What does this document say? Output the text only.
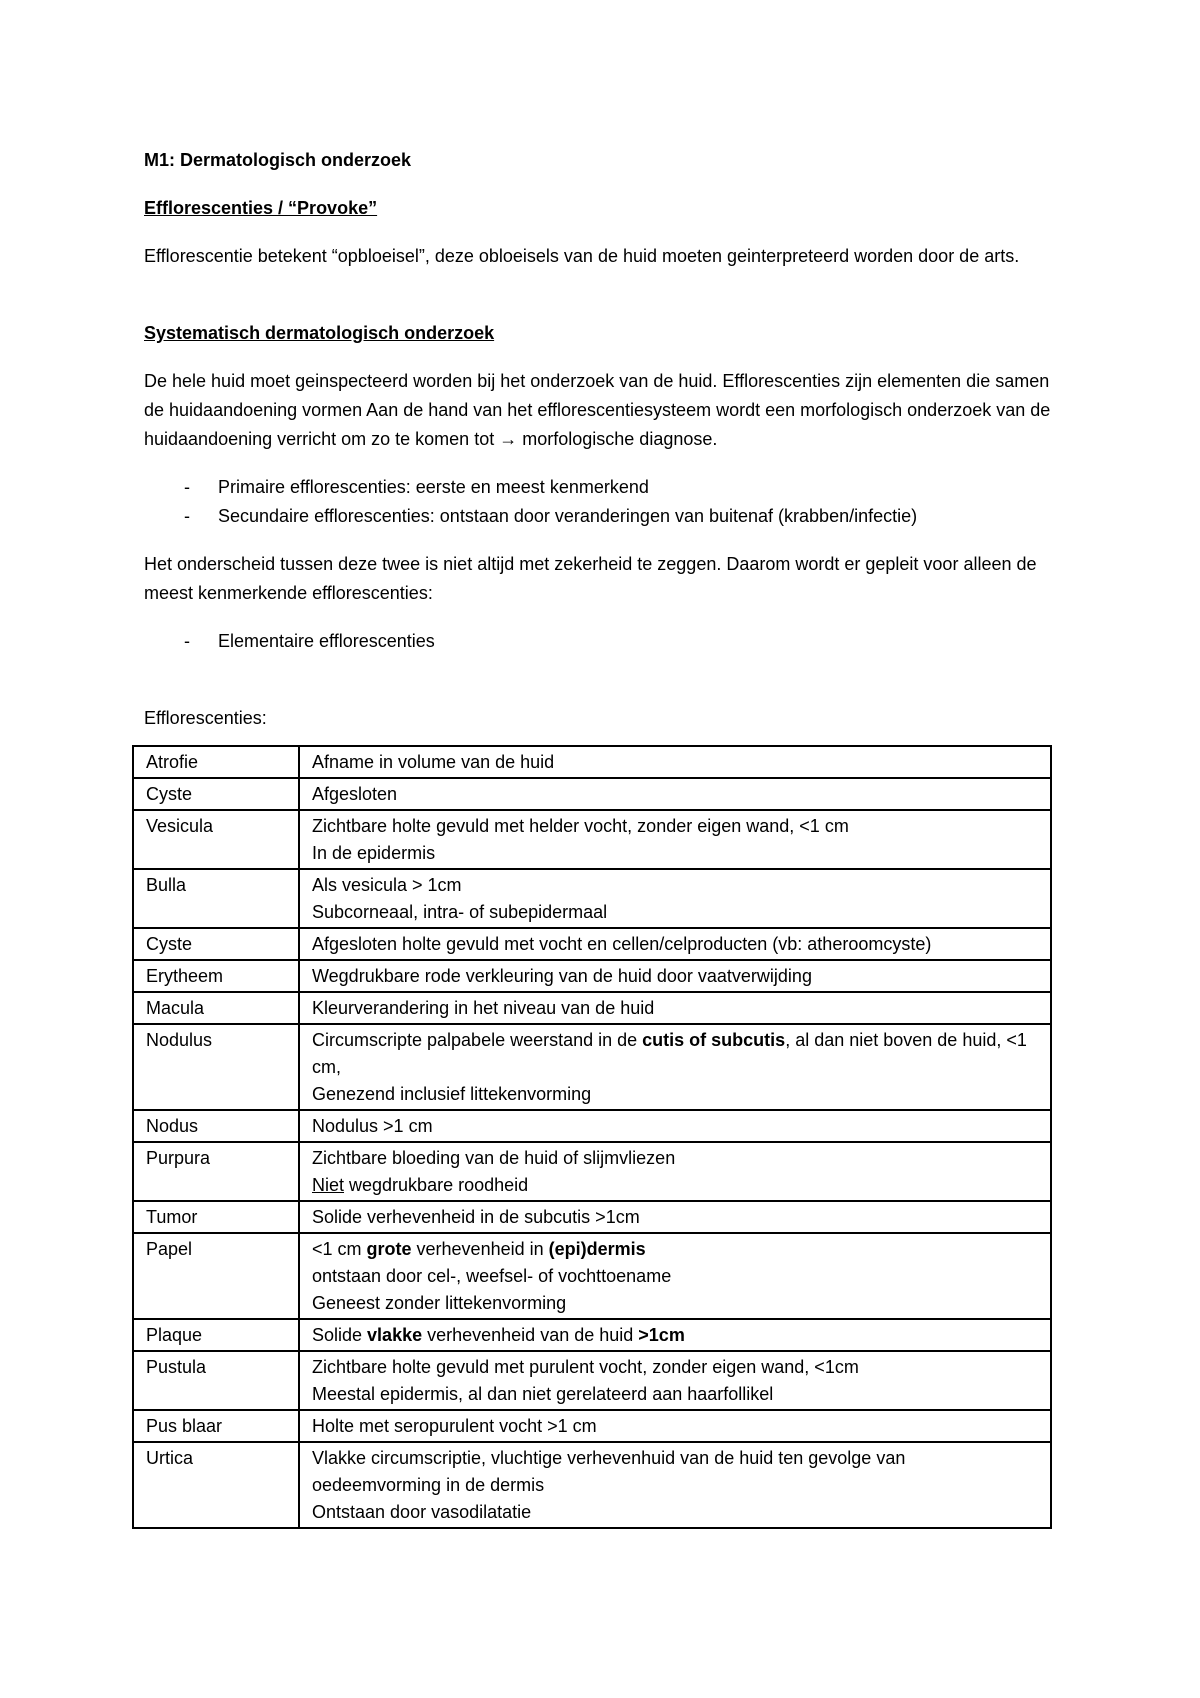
M1: Dermatologisch onderzoek

Efflorescenties / “Provoke”

Efflorescentie betekent “opbloeisel”, deze obloeisels van de huid moeten geinterpreteerd worden door de arts.

Systematisch dermatologisch onderzoek

De hele huid moet geinspecteerd worden bij het onderzoek van de huid. Efflorescenties zijn elementen die samen de huidaandoening vormen Aan de hand van het efflorescentiesysteem wordt een morfologisch onderzoek van de huidaandoening verricht om zo te komen tot → morfologische diagnose.

- Primaire efflorescenties: eerste en meest kenmerkend
- Secundaire efflorescenties: ontstaan door veranderingen van buitenaf (krabben/infectie)

Het onderscheid tussen deze twee is niet altijd met zekerheid te zeggen. Daarom wordt er gepleit voor alleen de meest kenmerkende efflorescenties:

- Elementaire efflorescenties

Efflorescenties:

Atrofie	Afname in volume van de huid

Cyste	Afgesloten

Vesicula	Zichtbare holte gevuld met helder vocht, zonder eigen wand, <1 cm
In de epidermis

Bulla	Als vesicula > 1cm
Subcorneaal, intra- of subepidermaal

Cyste	Afgesloten holte gevuld met vocht en cellen/celproducten (vb: atheroomcyste)

Erytheem	Wegdrukbare rode verkleuring van de huid door vaatverwijding

Macula	Kleurverandering in het niveau van de huid

Nodulus	Circumscripte palpabele weerstand in de cutis of subcutis, al dan niet boven de huid, <1 cm,
Genezend inclusief littekenvorming

Nodus	Nodulus >1 cm

Purpura	Zichtbare bloeding van de huid of slijmvliezen
Niet wegdrukbare roodheid

Tumor	Solide verhevenheid in de subcutis >1cm

Papel	<1 cm grote verhevenheid in (epi)dermis
ontstaan door cel-, weefsel- of vochttoename
Geneest zonder littekenvorming

Plaque	Solide vlakke verhevenheid van de huid >1cm

Pustula	Zichtbare holte gevuld met purulent vocht, zonder eigen wand, <1cm
Meestal epidermis, al dan niet gerelateerd aan haarfollikel

Pus blaar	Holte met seropurulent vocht >1 cm

Urtica	Vlakke circumscriptie, vluchtige verhevenhuid van de huid ten gevolge van oedeemvorming in de dermis
Ontstaan door vasodilatatie
